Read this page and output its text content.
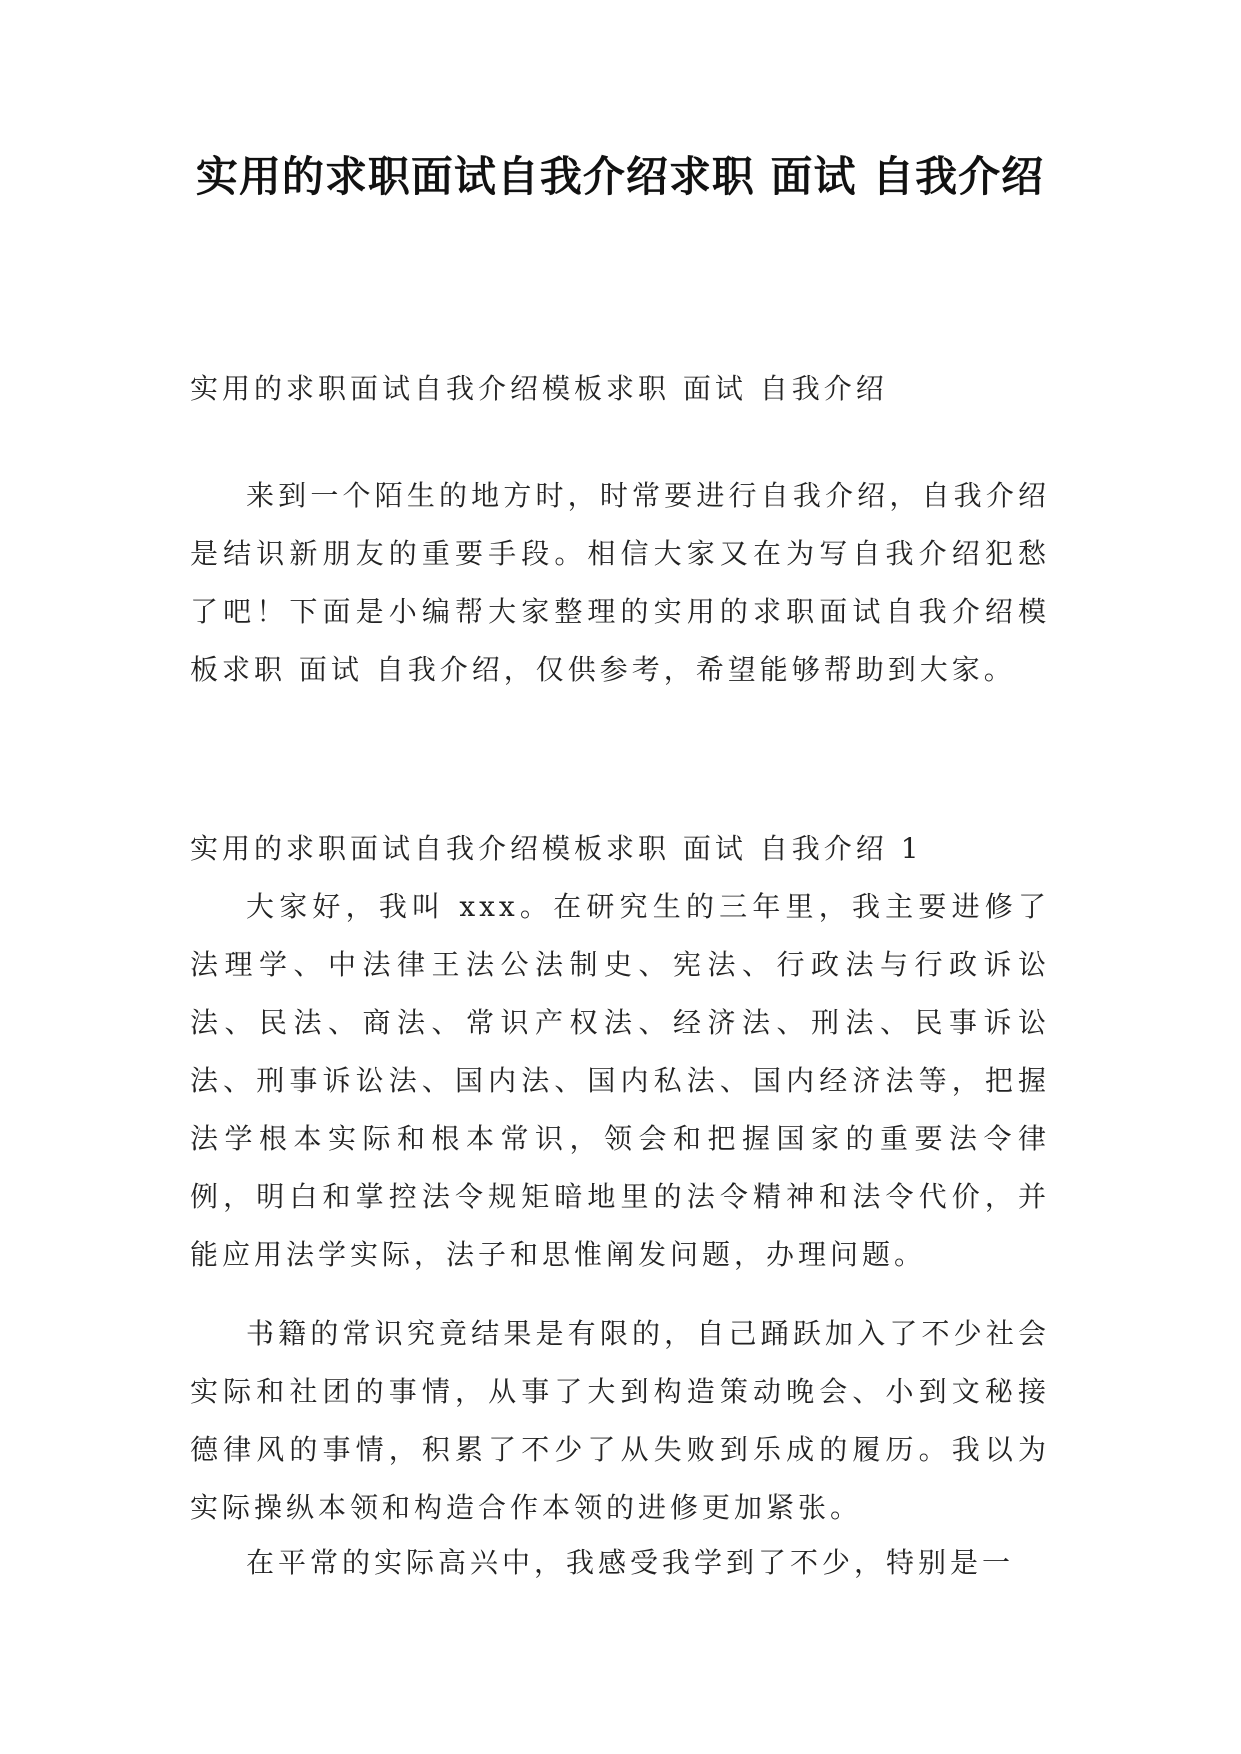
实用的求职面试自我介绍求职 面试 自我介绍

实用的求职面试自我介绍模板求职 面试 自我介绍

来到一个陌生的地方时，时常要进行自我介绍，自我介绍是结识新朋友的重要手段。相信大家又在为写自我介绍犯愁了吧！下面是小编帮大家整理的实用的求职面试自我介绍模板求职 面试 自我介绍，仅供参考，希望能够帮助到大家。

实用的求职面试自我介绍模板求职 面试 自我介绍 1

大家好，我叫 xxx。在研究生的三年里，我主要进修了法理学、中法律王法公法制史、宪法、行政法与行政诉讼法、民法、商法、常识产权法、经济法、刑法、民事诉讼法、刑事诉讼法、国内法、国内私法、国内经济法等，把握法学根本实际和根本常识，领会和把握国家的重要法令律例，明白和掌控法令规矩暗地里的法令精神和法令代价，并能应用法学实际，法子和思惟阐发问题，办理问题。

书籍的常识究竟结果是有限的，自己踊跃加入了不少社会实际和社团的事情，从事了大到构造策动晚会、小到文秘接德律风的事情，积累了不少了从失败到乐成的履历。我以为实际操纵本领和构造合作本领的进修更加紧张。

在平常的实际高兴中，我感受我学到了不少，特别是一
